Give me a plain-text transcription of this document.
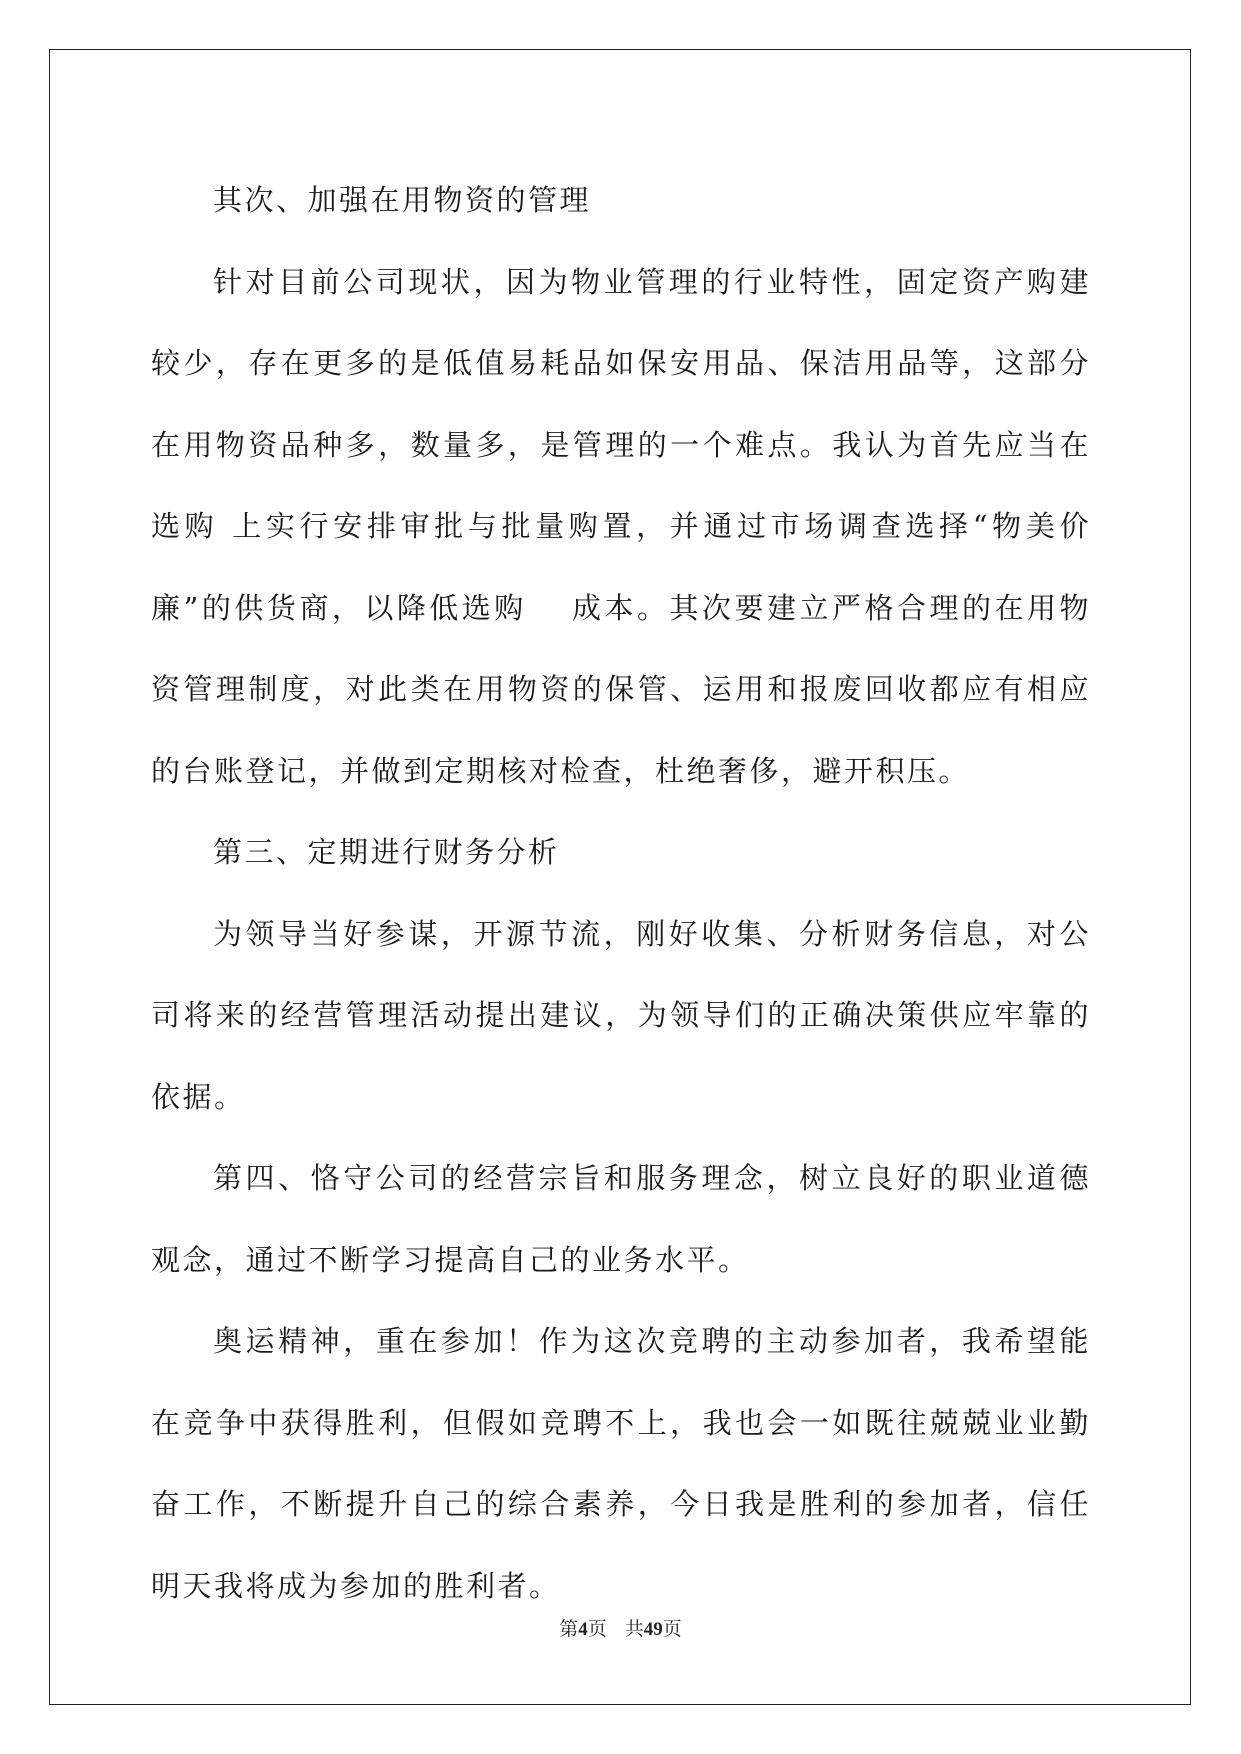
其次、加强在用物资的管理

针对目前公司现状，因为物业管理的行业特性，固定资产购建较少，存在更多的是低值易耗品如保安用品、保洁用品等，这部分在用物资品种多，数量多，是管理的一个难点。我认为首先应当在选购 上实行安排审批与批量购置，并通过市场调查选择“物美价廉”的供货商，以降低选购　 成本。其次要建立严格合理的在用物资管理制度，对此类在用物资的保管、运用和报废回收都应有相应的台账登记，并做到定期核对检查，杜绝奢侈，避开积压。

第三、定期进行财务分析

为领导当好参谋，开源节流，刚好收集、分析财务信息，对公司将来的经营管理活动提出建议，为领导们的正确决策供应牢靠的依据。

第四、恪守公司的经营宗旨和服务理念，树立良好的职业道德观念，通过不断学习提高自己的业务水平。

奥运精神，重在参加！作为这次竞聘的主动参加者，我希望能在竞争中获得胜利，但假如竞聘不上，我也会一如既往兢兢业业勤奋工作，不断提升自己的综合素养，今日我是胜利的参加者，信任明天我将成为参加的胜利者。

第4页 共49页
